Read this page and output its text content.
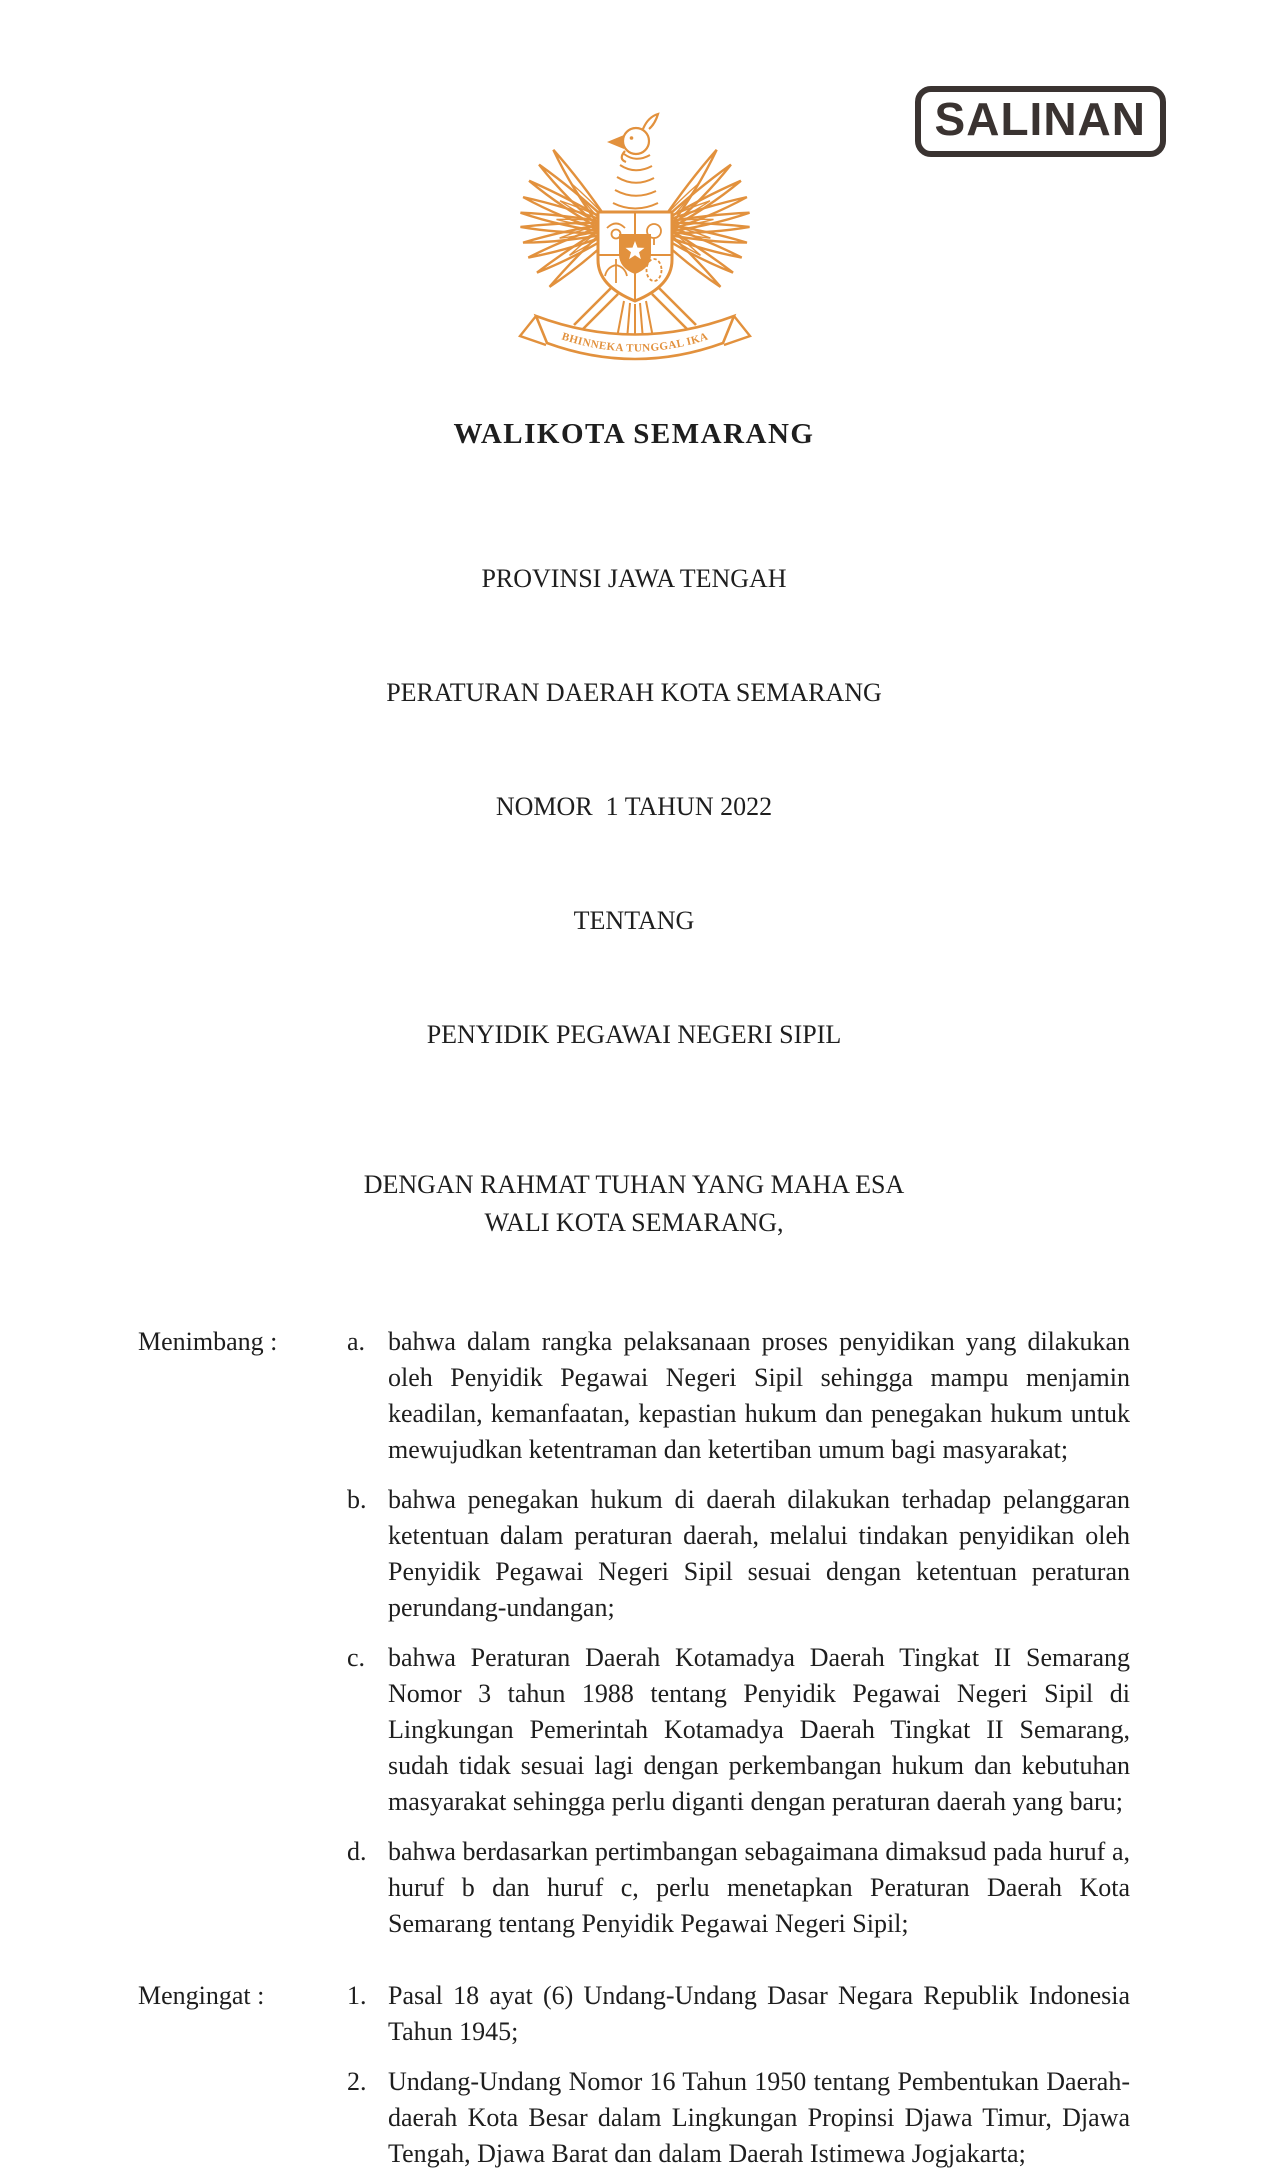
SALINAN
BHINNEKA TUNGGAL IKA
WALIKOTA SEMARANG

PROVINSI JAWA TENGAH

PERATURAN DAERAH KOTA SEMARANG

NOMOR  1 TAHUN 2022

TENTANG

PENYIDIK PEGAWAI NEGERI SIPIL

DENGAN RAHMAT TUHAN YANG MAHA ESA
WALI KOTA SEMARANG,
Menimbang :	a. bahwa dalam rangka pelaksanaan proses penyidikan yang dilakukan oleh Penyidik Pegawai Negeri Sipil sehingga mampu menjamin keadilan, kemanfaatan, kepastian hukum dan penegakan hukum untuk mewujudkan ketentraman dan ketertiban umum bagi masyarakat;
b. bahwa penegakan hukum di daerah dilakukan terhadap pelanggaran ketentuan dalam peraturan daerah, melalui tindakan penyidikan oleh Penyidik Pegawai Negeri Sipil sesuai dengan ketentuan peraturan perundang-undangan;
c. bahwa Peraturan Daerah Kotamadya Daerah Tingkat II Semarang Nomor 3 tahun 1988 tentang Penyidik Pegawai Negeri Sipil di Lingkungan Pemerintah Kotamadya Daerah Tingkat II Semarang, sudah tidak sesuai lagi dengan perkembangan hukum dan kebutuhan masyarakat sehingga perlu diganti dengan peraturan daerah yang baru;
d. bahwa berdasarkan pertimbangan sebagaimana dimaksud pada huruf a, huruf b dan huruf c, perlu menetapkan Peraturan Daerah Kota Semarang tentang Penyidik Pegawai Negeri Sipil;
Mengingat :	1. Pasal 18 ayat (6) Undang-Undang Dasar Negara Republik Indonesia Tahun 1945;
2. Undang-Undang Nomor 16 Tahun 1950 tentang Pembentukan Daerah-daerah Kota Besar dalam Lingkungan Propinsi Djawa Timur, Djawa Tengah, Djawa Barat dan dalam Daerah Istimewa Jogjakarta;
